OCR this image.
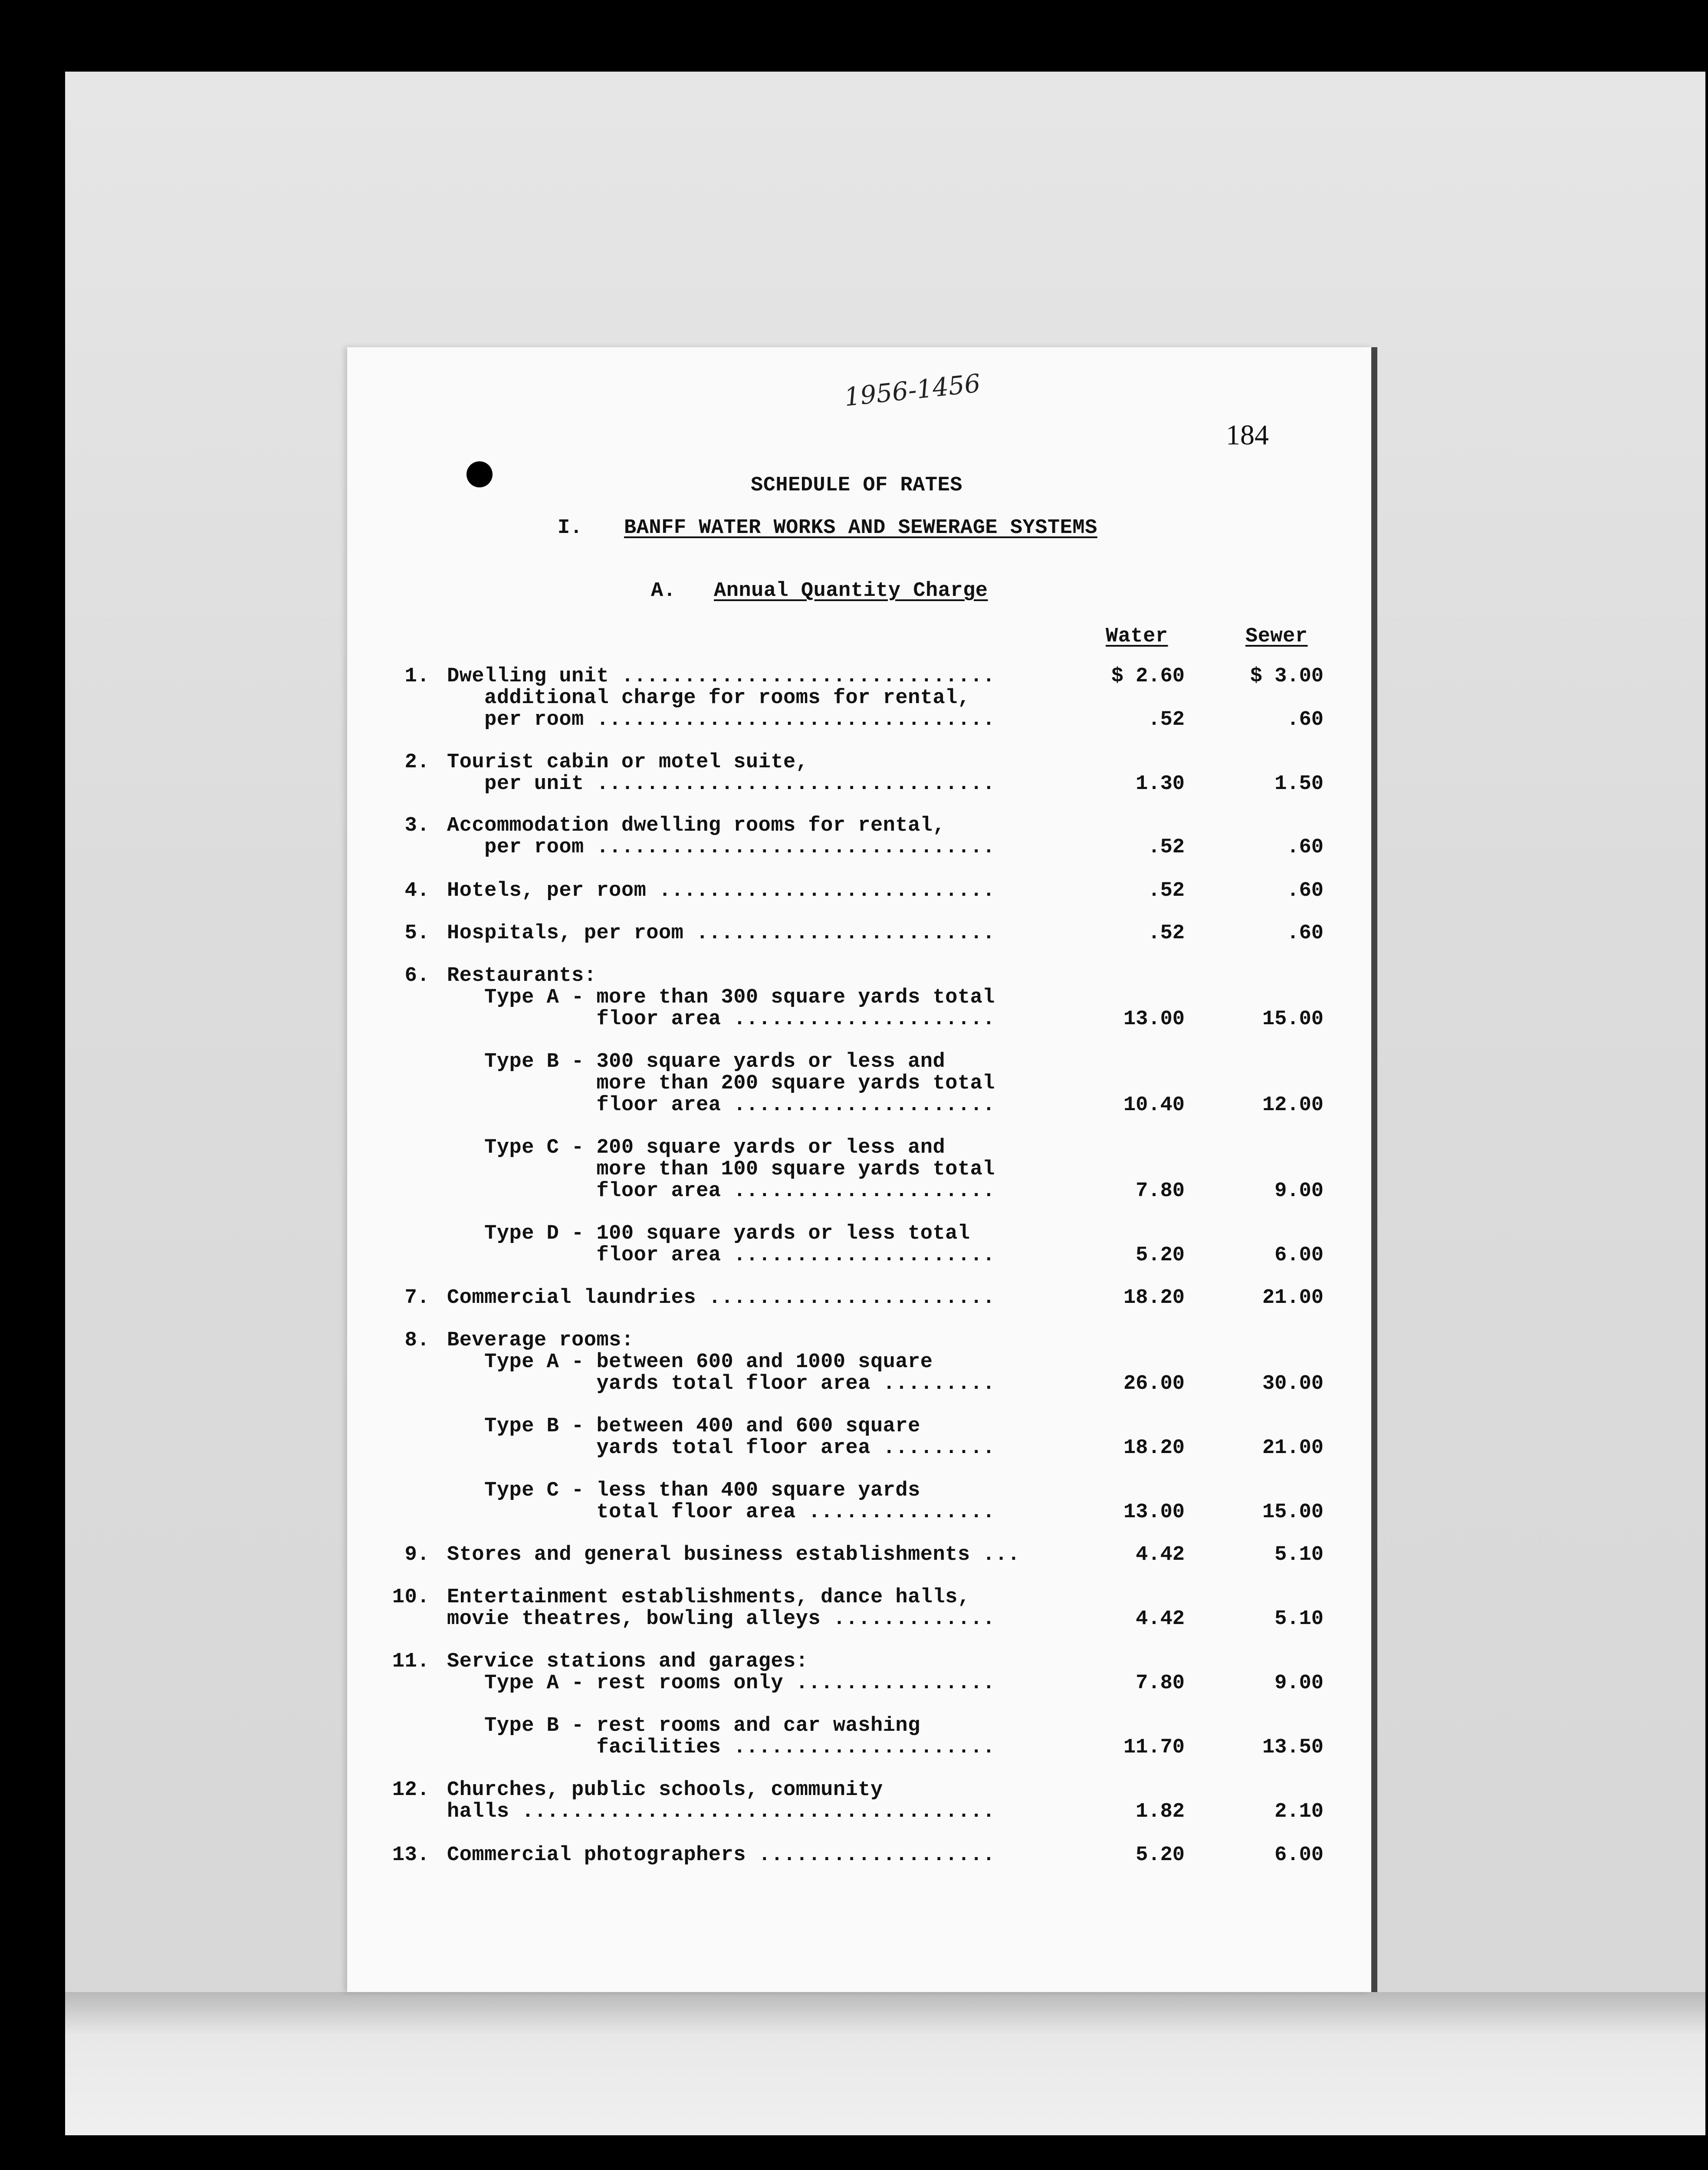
1956-1456
184
SCHEDULE OF RATES
I. BANFF WATER WORKS AND SEWERAGE SYSTEMS
A. Annual Quantity Charge
Water	Sewer
1. Dwelling unit ..............................	$ 2.60	$ 3.00
additional charge for rooms for rental,
per room ................................	.52	.60
2. Tourist cabin or motel suite,
per unit ................................	1.30	1.50
3. Accommodation dwelling rooms for rental,
per room ................................	.52	.60
4. Hotels, per room ...........................	.52	.60
5. Hospitals, per room ........................	.52	.60
6. Restaurants:
Type A - more than 300 square yards total
floor area .....................	13.00	15.00
Type B - 300 square yards or less and
more than 200 square yards total
floor area .....................	10.40	12.00
Type C - 200 square yards or less and
more than 100 square yards total
floor area .....................	7.80	9.00
Type D - 100 square yards or less total
floor area .....................	5.20	6.00
7. Commercial laundries .......................	18.20	21.00
8. Beverage rooms:
Type A - between 600 and 1000 square
yards total floor area .........	26.00	30.00
Type B - between 400 and 600 square
yards total floor area .........	18.20	21.00
Type C - less than 400 square yards
total floor area ...............	13.00	15.00
9. Stores and general business establishments ...	4.42	5.10
10. Entertainment establishments, dance halls,
movie theatres, bowling alleys .............	4.42	5.10
11. Service stations and garages:
Type A - rest rooms only ................	7.80	9.00
Type B - rest rooms and car washing
facilities .....................	11.70	13.50
12. Churches, public schools, community
halls ......................................	1.82	2.10
13. Commercial photographers ...................	5.20	6.00
